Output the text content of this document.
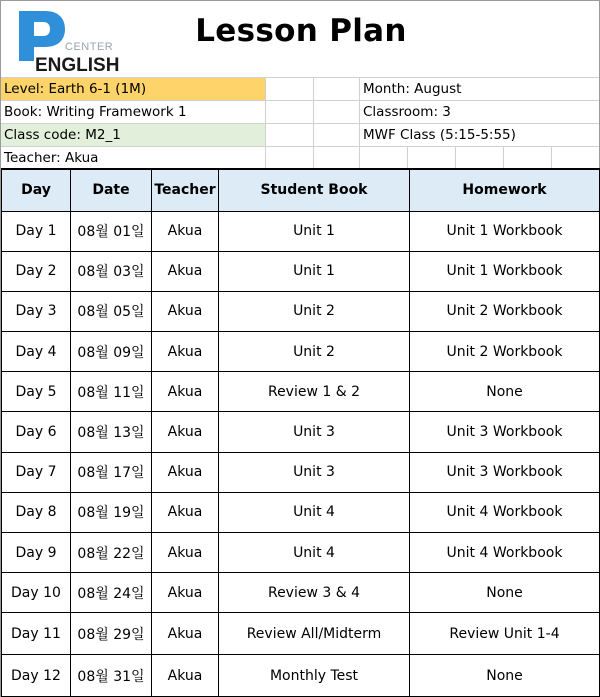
CENTER
ENGLISH
Lesson Plan
Level: Earth 6-1 (1M)	Month: August
Book: Writing Framework 1	Classroom: 3
Class code: M2_1	MWF Class (5:15-5:55)
Teacher: Akua
Day	Date	Teacher	Student Book	Homework
Day 1	08월 01일	Akua	Unit 1	Unit 1 Workbook
Day 2	08월 03일	Akua	Unit 1	Unit 1 Workbook
Day 3	08월 05일	Akua	Unit 2	Unit 2 Workbook
Day 4	08월 09일	Akua	Unit 2	Unit 2 Workbook
Day 5	08월 11일	Akua	Review 1 & 2	None
Day 6	08월 13일	Akua	Unit 3	Unit 3 Workbook
Day 7	08월 17일	Akua	Unit 3	Unit 3 Workbook
Day 8	08월 19일	Akua	Unit 4	Unit 4 Workbook
Day 9	08월 22일	Akua	Unit 4	Unit 4 Workbook
Day 10	08월 24일	Akua	Review 3 & 4	None
Day 11	08월 29일	Akua	Review All/Midterm	Review Unit 1-4
Day 12	08월 31일	Akua	Monthly Test	None
